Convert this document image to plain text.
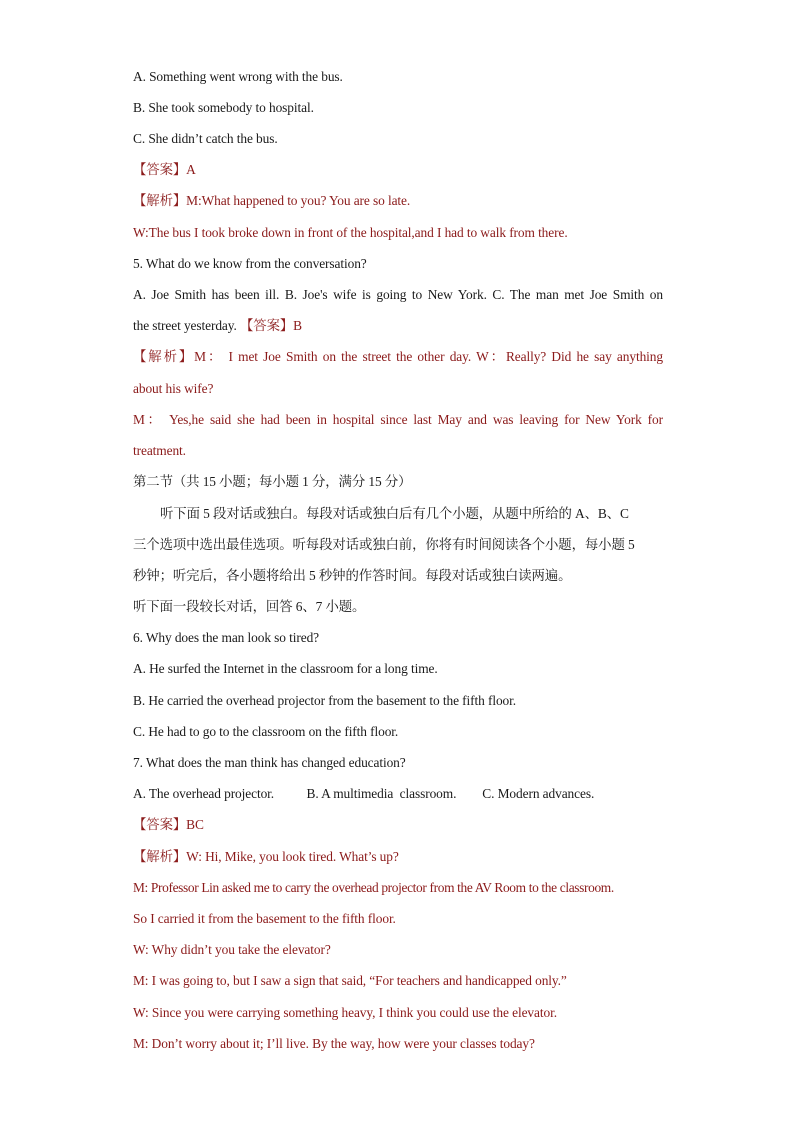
A. Something went wrong with the bus.
B. She took somebody to hospital.
C. She didn’t catch the bus.
【答案】A
【解析】M:What happened to you? You are so late.
W:The bus I took broke down in front of the hospital,and I had to walk from there.
5. What do we know from the conversation?
A. Joe Smith has been ill. B. Joe's wife is going to New York. C. The man met Joe Smith on
the street yesterday. 【答案】B
【解析】M： I met Joe Smith on the street the other day. W：Really? Did he say anything
about his wife?
M： Yes,he said she had been in hospital since last May and was leaving for New York for
treatment.
第二节（共 15 小题；每小题 1 分，满分 15 分）
听下面 5 段对话或独白。每段对话或独白后有几个小题，从题中所给的 A、B、C
三个选项中选出最佳选项。听每段对话或独白前，你将有时间阅读各个小题，每小题 5
秒钟；听完后，各小题将给出 5 秒钟的作答时间。每段对话或独白读两遍。
听下面一段较长对话，回答 6、7 小题。
6. Why does the man look so tired?
A. He surfed the Internet in the classroom for a long time.
B. He carried the overhead projector from the basement to the fifth floor.
C. He had to go to the classroom on the fifth floor.
7. What does the man think has changed education?
A. The overhead projector.          B. A multimedia  classroom.        C. Modern advances.
【答案】BC
【解析】W: Hi, Mike, you look tired. What’s up?
M: Professor Lin asked me to carry the overhead projector from the AV Room to the classroom.
So I carried it from the basement to the fifth floor.
W: Why didn’t you take the elevator?
M: I was going to, but I saw a sign that said, “For teachers and handicapped only.”
W: Since you were carrying something heavy, I think you could use the elevator.
M: Don’t worry about it; I’ll live. By the way, how were your classes today?
